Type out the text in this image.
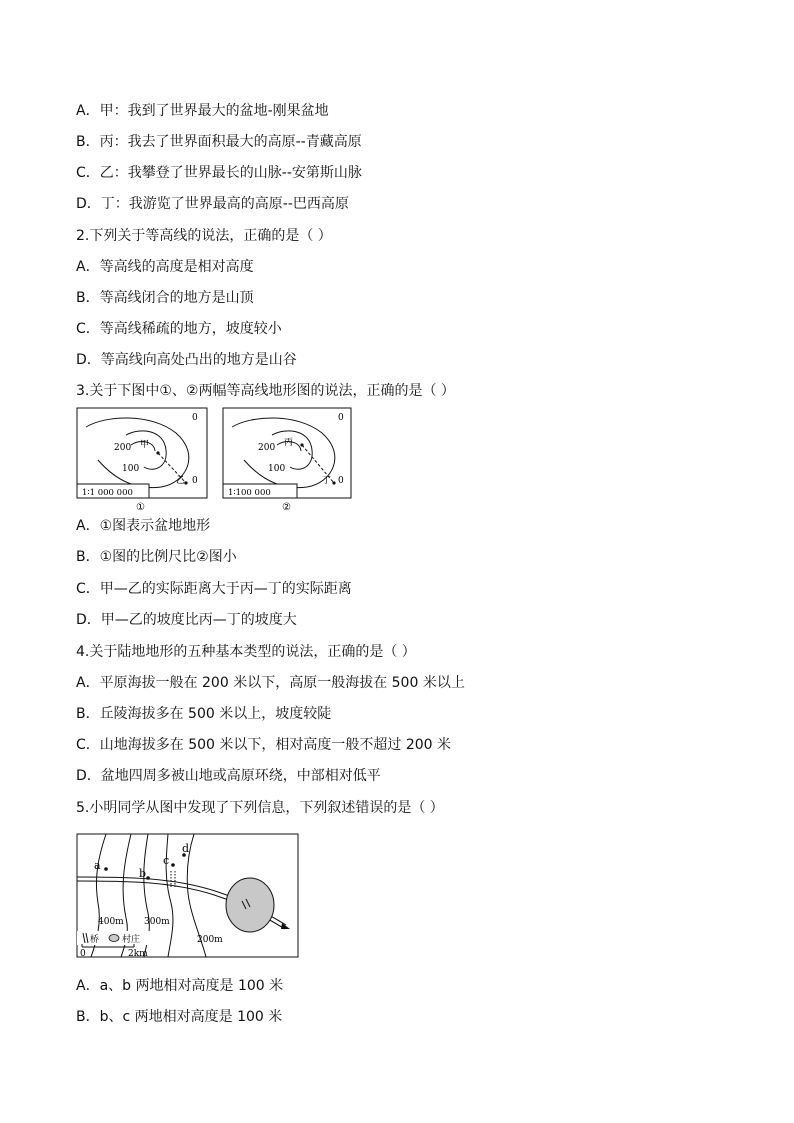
A．甲：我到了世界最大的盆地-刚果盆地
B．丙：我去了世界面积最大的高原--青藏高原
C．乙：我攀登了世界最长的山脉--安第斯山脉
D．丁：我游览了世界最高的高原--巴西高原
2.下列关于等高线的说法，正确的是（ ）
A．等高线的高度是相对高度
B．等高线闭合的地方是山顶
C．等高线稀疏的地方，坡度较小
D．等高线向高处凸出的地方是山谷
3.关于下图中①、②两幅等高线地形图的说法，正确的是（ ）
0
200
100
0
甲
乙
1∶1 000 000
①
0
200
100
0
丙
丁
1∶100 000
②
A．①图表示盆地地形
B．①图的比例尺比②图小
C．甲—乙的实际距离大于丙—丁的实际距离
D．甲—乙的坡度比丙—丁的坡度大
4.关于陆地地形的五种基本类型的说法，正确的是（ ）
A．平原海拔一般在 200 米以下，高原一般海拔在 500 米以上
B．丘陵海拔多在 500 米以上，坡度较陡
C．山地海拔多在 500 米以下，相对高度一般不超过 200 米
D．盆地四周多被山地或高原环绕，中部相对低平
5.小明同学从图中发现了下列信息，下列叙述错误的是（ ）
a
b
c
d
400m 300m
200m
桥	村庄
0	2km
A．a、b 两地相对高度是 100 米
B．b、c 两地相对高度是 100 米
